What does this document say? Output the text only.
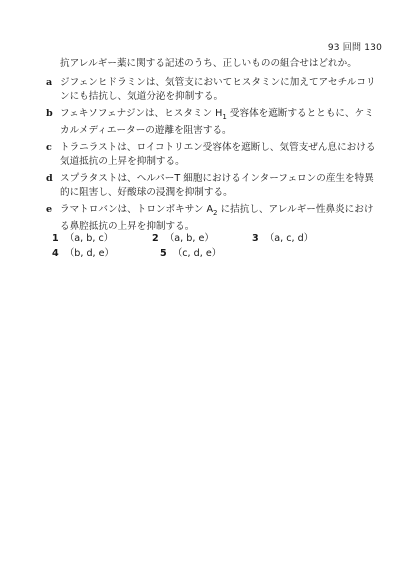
93 回問 130
抗アレルギー薬に関する記述のうち、正しいものの組合せはどれか。
a ジフェンヒドラミンは、気管支においてヒスタミンに加えてアセチルコリンにも拮抗し、気道分泌を抑制する。
b フェキソフェナジンは、ヒスタミン $H_1$ 受容体を遮断するとともに、ケミカルメディエーターの遊離を阻害する。
c トラニラストは、ロイコトリエン受容体を遮断し、気管支ぜん息における気道抵抗の上昇を抑制する。
d スプラタストは、ヘルパーT 細胞におけるインターフェロンの産生を特異的に阻害し、好酸球の浸潤を抑制する。
e ラマトロバンは、トロンボキサン $A_2$ に拮抗し、アレルギー性鼻炎における鼻腔抵抗の上昇を抑制する。
1 （a, b, c）	2 （a, b, e）	3 （a, c, d）
4 （b, d, e）	5 （c, d, e）
